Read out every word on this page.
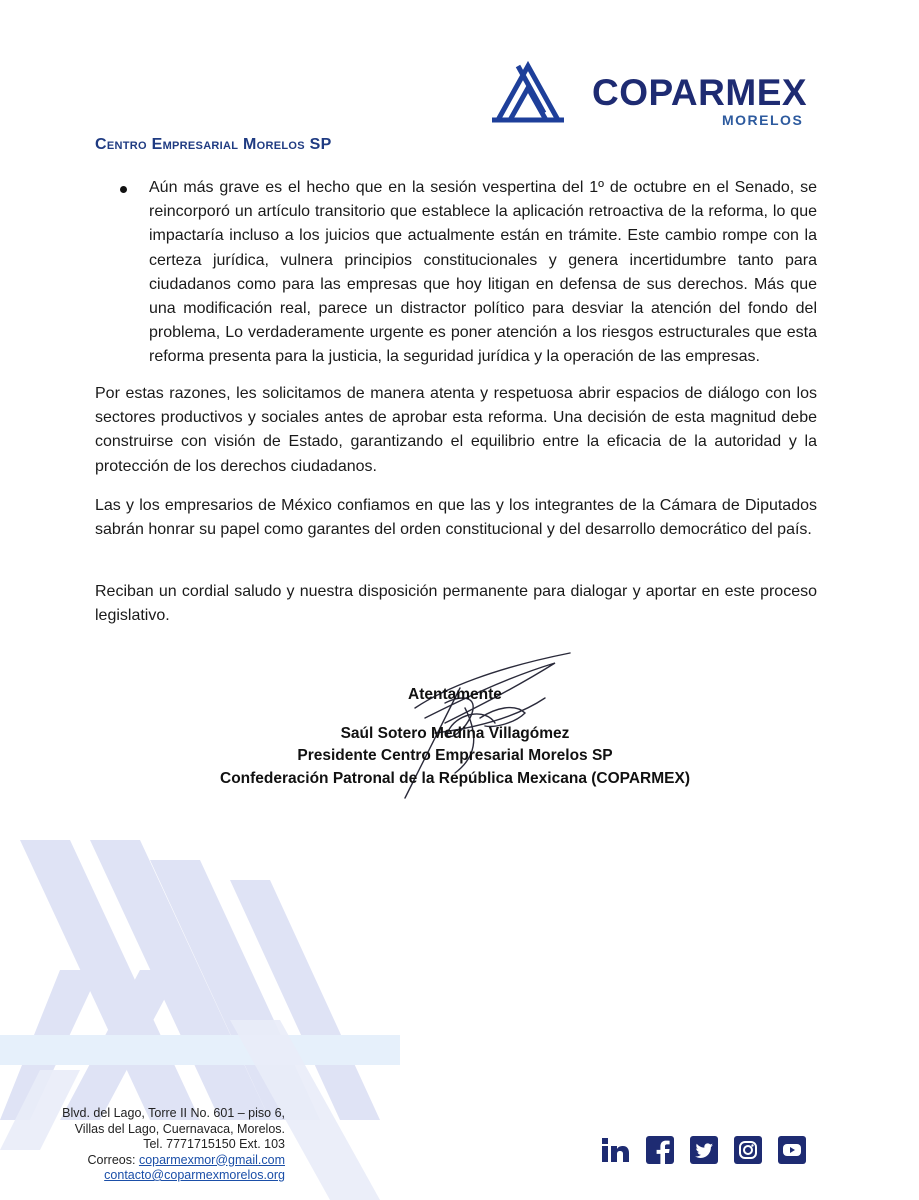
COPARMEX
MORELOS
Centro Empresarial Morelos SP
Aún más grave es el hecho que en la sesión vespertina del 1º de octubre en el Senado, se reincorporó un artículo transitorio que establece la aplicación retroactiva de la reforma, lo que impactaría incluso a los juicios que actualmente están en trámite. Este cambio rompe con la certeza jurídica, vulnera principios constitucionales y genera incertidumbre tanto para ciudadanos como para las empresas que hoy litigan en defensa de sus derechos. Más que una modificación real, parece un distractor político para desviar la atención del fondo del problema, Lo verdaderamente urgente es poner atención a los riesgos estructurales que esta reforma presenta para la justicia, la seguridad jurídica y la operación de las empresas.
Por estas razones, les solicitamos de manera atenta y respetuosa abrir espacios de diálogo con los sectores productivos y sociales antes de aprobar esta reforma. Una decisión de esta magnitud debe construirse con visión de Estado, garantizando el equilibrio entre la eficacia de la autoridad y la protección de los derechos ciudadanos.
Las y los empresarios de México confiamos en que las y los integrantes de la Cámara de Diputados sabrán honrar su papel como garantes del orden constitucional y del desarrollo democrático del país.
Reciban un cordial saludo y nuestra disposición permanente para dialogar y aportar en este proceso legislativo.
Atentamente
Saúl Sotero Medina Villagómez
Presidente Centro Empresarial Morelos SP
Confederación Patronal de la República Mexicana (COPARMEX)
Blvd. del Lago, Torre II No. 601 – piso 6,
Villas del Lago, Cuernavaca, Morelos.
Tel. 7771715150 Ext. 103
Correos: coparmexmor@gmail.com
contacto@coparmexmorelos.org
